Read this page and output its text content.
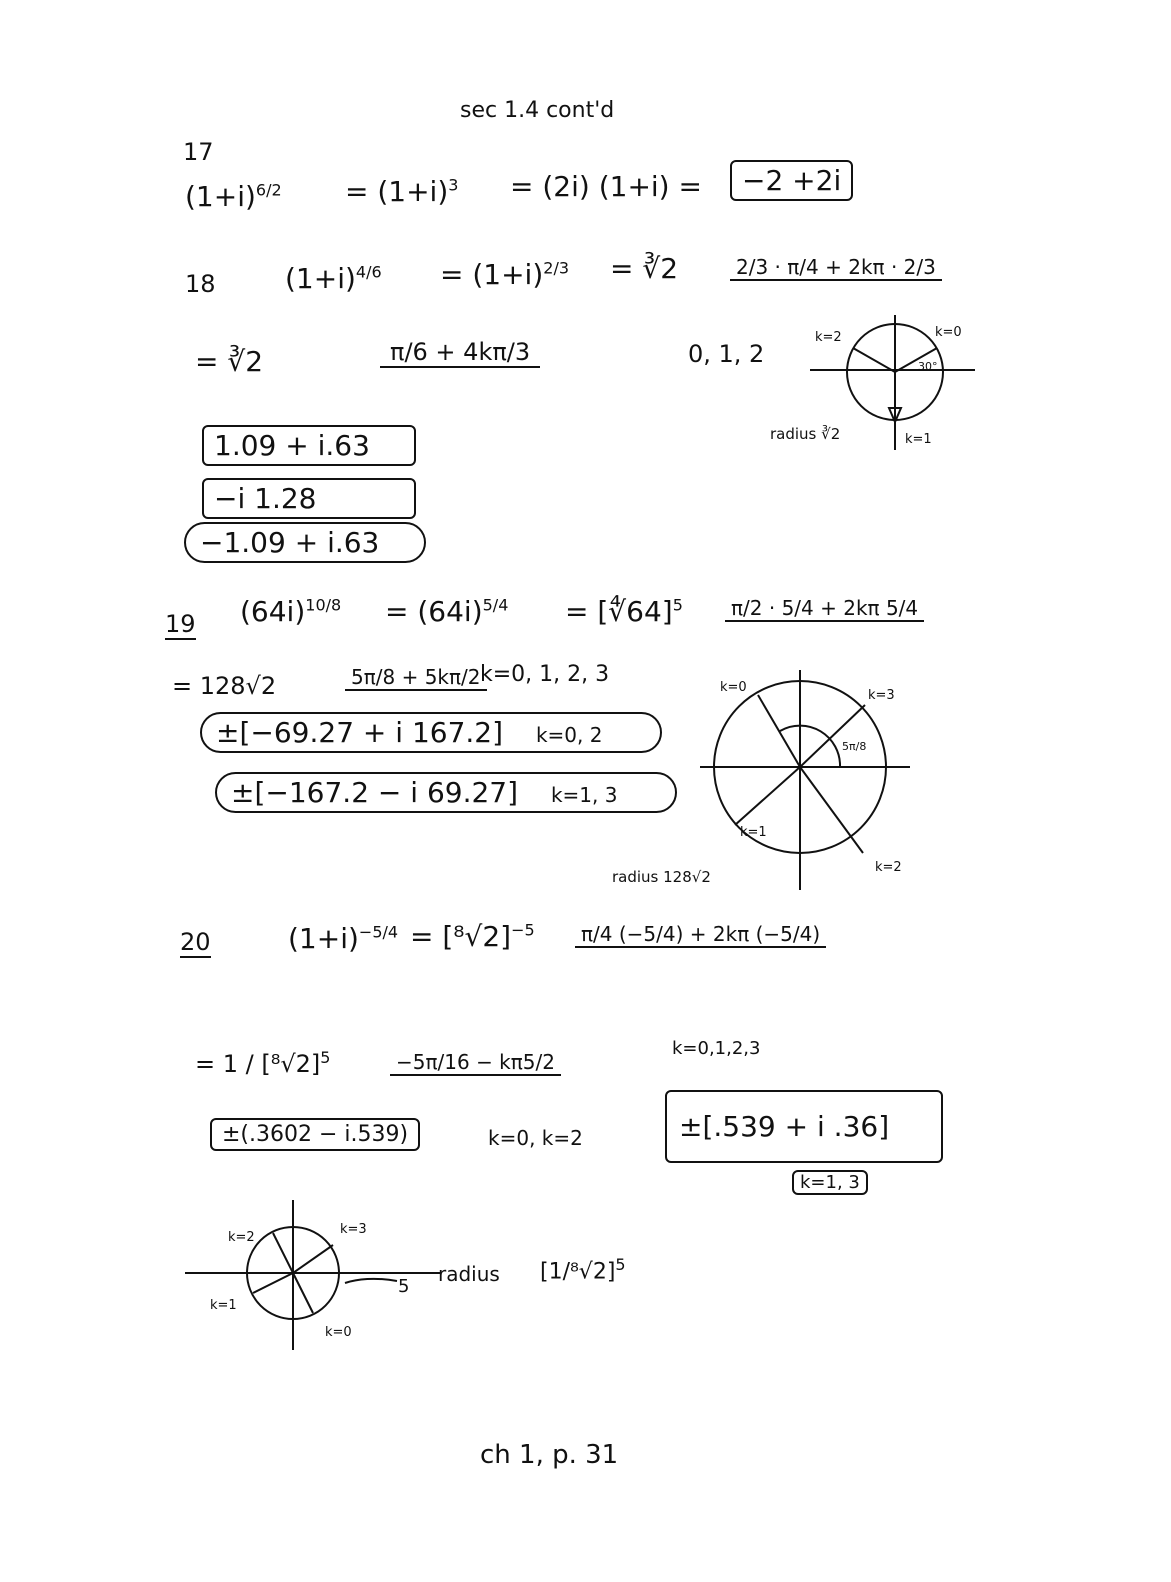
sec 1.4 cont'd
17
$(1+i)^{6/2} = (1+i)^3 = (2i) (1+i)$ =	−2 +2i
18 $(1+i)^{4/6} = (1+i)^{2/3}$ = ∛2	2/3 · π/4 + 2kπ · 2/3
= ∛2	π/6 + 4kπ/3	0, 1, 2
1.09 + i.63
−i 1.28
−1.09 + i.63
k=2	k=0
30°
radius ∛2	k=1
19 $(64i)^{10/8} = (64i)^{5/4}$ = [∜64]$^5$	π/2 · 5/4 + 2kπ 5/4
= 128√2	5π/8 + 5kπ/2 k=0, 1, 2, 3
±[−69.27 + i 167.2] k=0, 2
±[−167.2 − i 69.27] k=1, 3
k=0
k=3
5π/8
k=1
k=2
radius 128√2
20	$(1+i)^{-5/4} = [^8√2]^{-5}$	π/4 (−5/4) + 2kπ (−5/4)
= $1 / [^8√2]^5$	−5π/16 − kπ5/2
k=0,1,2,3
±(.3602 − i.539)	k=0, k=2	±[.539 + i .36]
k=1, 3
k=2
k=3
k=1
k=0
5
radius $[1/^8√2]^5$
ch 1, p. 31
